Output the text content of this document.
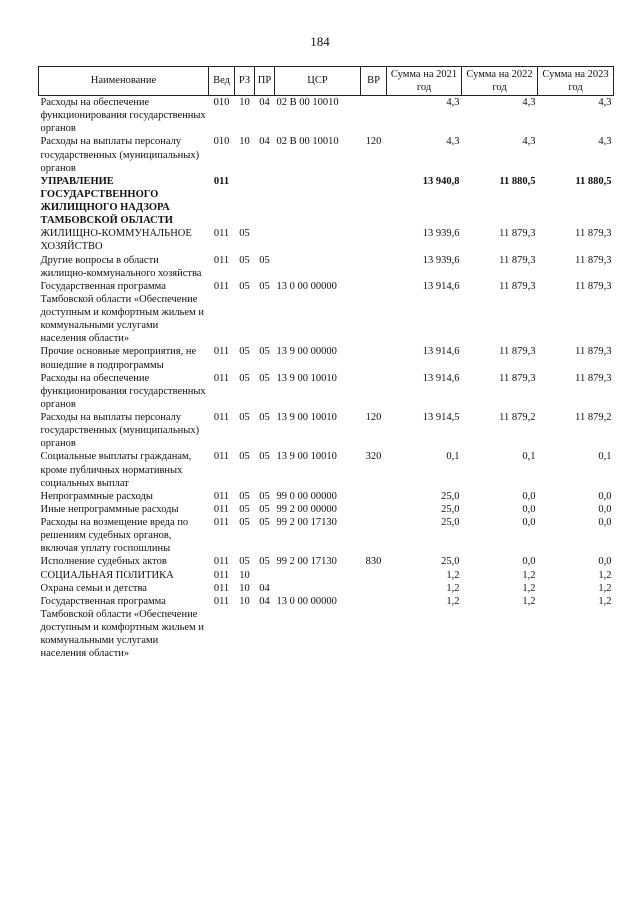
184
Наименование	Вед	РЗ	ПР	ЦСР	ВР	Сумма на 2021 год	Сумма на 2022 год	Сумма на 2023 год
Расходы на обеспечение функционирования государственных органов	010	10	04	02 В 00 10010		4,3	4,3	4,3
Расходы на выплаты персоналу государственных (муниципальных) органов	010	10	04	02 В 00 10010	120	4,3	4,3	4,3
УПРАВЛЕНИЕ ГОСУДАРСТВЕННОГО ЖИЛИЩНОГО НАДЗОРА ТАМБОВСКОЙ ОБЛАСТИ	011					13 940,8	11 880,5	11 880,5
ЖИЛИЩНО-КОММУНАЛЬНОЕ ХОЗЯЙСТВО	011	05				13 939,6	11 879,3	11 879,3
Другие вопросы в области жилищно-коммунального хозяйства	011	05	05			13 939,6	11 879,3	11 879,3
Государственная программа Тамбовской области «Обеспечение доступным и комфортным жильем и коммунальными услугами населения области»	011	05	05	13 0 00 00000		13 914,6	11 879,3	11 879,3
Прочие основные мероприятия, не вошедшие в подпрограммы	011	05	05	13 9 00 00000		13 914,6	11 879,3	11 879,3
Расходы на обеспечение функционирования государственных органов	011	05	05	13 9 00 10010		13 914,6	11 879,3	11 879,3
Расходы на выплаты персоналу государственных (муниципальных) органов	011	05	05	13 9 00 10010	120	13 914,5	11 879,2	11 879,2
Социальные выплаты гражданам, кроме публичных нормативных социальных выплат	011	05	05	13 9 00 10010	320	0,1	0,1	0,1
Непрограммные расходы	011	05	05	99 0 00 00000		25,0	0,0	0,0
Иные непрограммные расходы	011	05	05	99 2 00 00000		25,0	0,0	0,0
Расходы на возмещение вреда по решениям судебных органов, включая уплату госпошлины	011	05	05	99 2 00 17130		25,0	0,0	0,0
Исполнение судебных актов	011	05	05	99 2 00 17130	830	25,0	0,0	0,0
СОЦИАЛЬНАЯ ПОЛИТИКА	011	10				1,2	1,2	1,2
Охрана семьи и детства	011	10	04			1,2	1,2	1,2
Государственная программа Тамбовской области «Обеспечение доступным и комфортным жильем и коммунальными услугами населения области»	011	10	04	13 0 00 00000		1,2	1,2	1,2
